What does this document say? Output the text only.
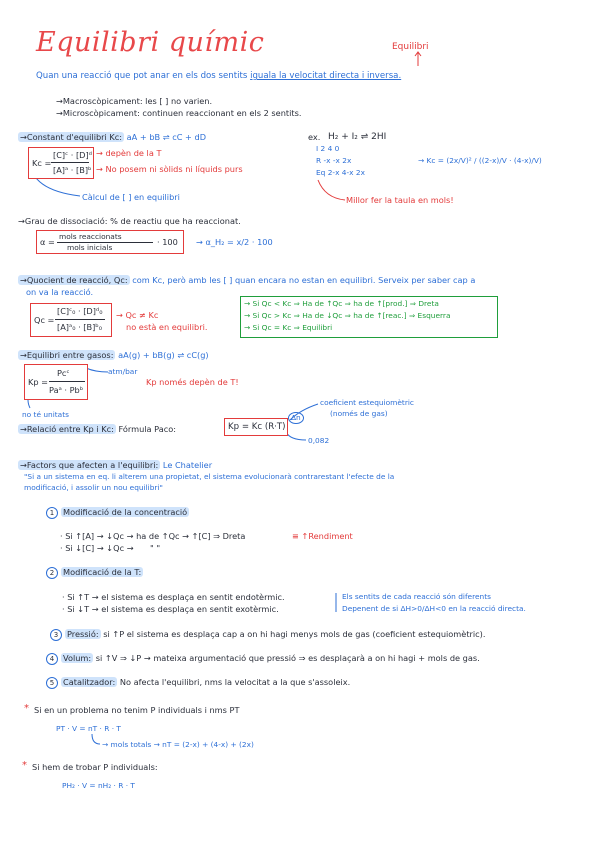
Equilibri químic	Equilibri
Quan una reacció que pot anar en els dos sentits iguala la velocitat directa i inversa.
→Macroscòpicament: les [ ] no varien.
→Microscòpicament: continuen reaccionant en els 2 sentits.
→Constant d'equilibri Kc: aA + bB ⇌ cC + dD
Kc =
[C]ᶜ · [D]ᵈ
[A]ᵃ · [B]ᵇ
→ depèn de la T
→ No posem ni sòlids ni líquids purs
Càlcul de [ ] en equilibri
ex. H₂ + I₂ ⇌ 2HI
I 2 4 0
R -x -x 2x
Eq 2-x 4-x 2x
→ Kc = (2x/V)² / ((2-x)/V · (4-x)/V)
Millor fer la taula en mols!
→Grau de dissociació: % de reactiu que ha reaccionat.
α =
mols reaccionats
mols inicials
· 100 → α_H₂ = x/2 · 100
→Quocient de reacció, Qc: com Kc, però amb les [ ] quan encara no estan en equilibri. Serveix per saber cap a
on va la reacció.
Qc =
[C]ᶜ₀ · [D]ᵈ₀
[A]ᵃ₀ · [B]ᵇ₀
→ Qc ≠ Kc
no està en equilibri.
→ Si Qc < Kc ⇒ Ha de ↑Qc ⇒ ha de ↑[prod.] ⇒ Dreta
→ Si Qc > Kc ⇒ Ha de ↓Qc ⇒ ha de ↑[reac.] ⇒ Esquerra
→ Si Qc = Kc ⇒ Equilibri
→Equilibri entre gasos: aA(g) + bB(g) ⇌ cC(g)
Kp =
Pcᶜ
Paᵃ · Pbᵇ
atm/bar
Kp només depèn de T!
no té unitats
→Relació entre Kp i Kc: Fórmula Paco:	Kp = Kc (R·T)
Δn
coeficient estequiomètric
(només de gas)
0,082
→Factors que afecten a l'equilibri: Le Chatelier
"Si a un sistema en eq. li alterem una propietat, el sistema evolucionarà contrarestant l'efecte de la
modificació, i assolir un nou equilibri"
1 Modificació de la concentració
· Si ↑[A] → ↓Qc → ha de ↑Qc → ↑[C] ⇒ Dreta	≡ ↑Rendiment
· Si ↓[C] → ↓Qc → " "
2 Modificació de la T:
· Si ↑T → el sistema es desplaça en sentit endotèrmic.
· Si ↓T → el sistema es desplaça en sentit exotèrmic.
Els sentits de cada reacció són diferents
Depenent de si ΔH>0/ΔH<0 en la reacció directa.
3 Pressió: si ↑P el sistema es desplaça cap a on hi hagi menys mols de gas (coeficient estequiomètric).
4 Volum: si ↑V ⇒ ↓P → mateixa argumentació que pressió ⇒ es desplaçarà a on hi hagi + mols de gas.
5 Catalitzador: No afecta l'equilibri, nms la velocitat a la que s'assoleix.
* Si en un problema no tenim P individuals i nms PT
PT · V = nT · R · T
→ mols totals → nT = (2-x) + (4-x) + (2x)
* Si hem de trobar P individuals:
PH₂ · V = nH₂ · R · T
